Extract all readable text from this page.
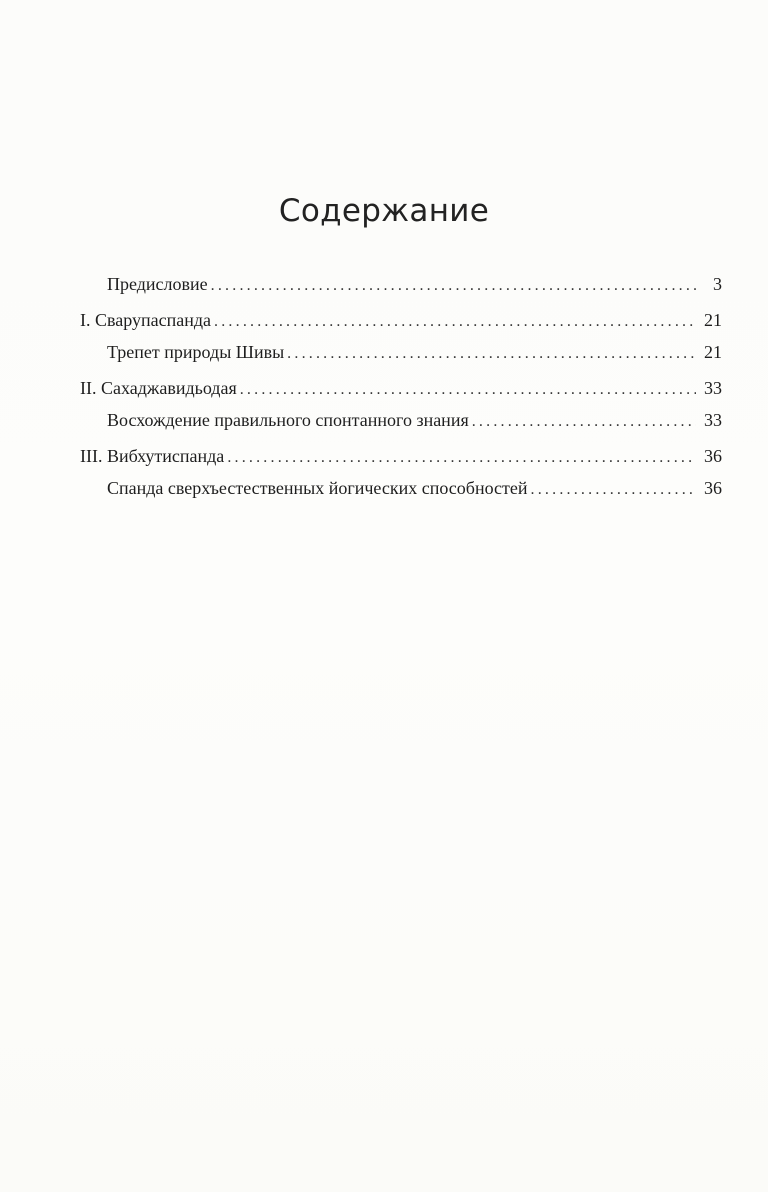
Содержание
Предисловие .....	3
I. Сварупаспанда .....	21
Трепет природы Шивы .....	21
II. Сахаджавидьодая .....	33
Восхождение правильного спонтанного знания .....	33
III. Вибхутиспанда .....	36
Спанда сверхъестественных йогических способностей .....	36
